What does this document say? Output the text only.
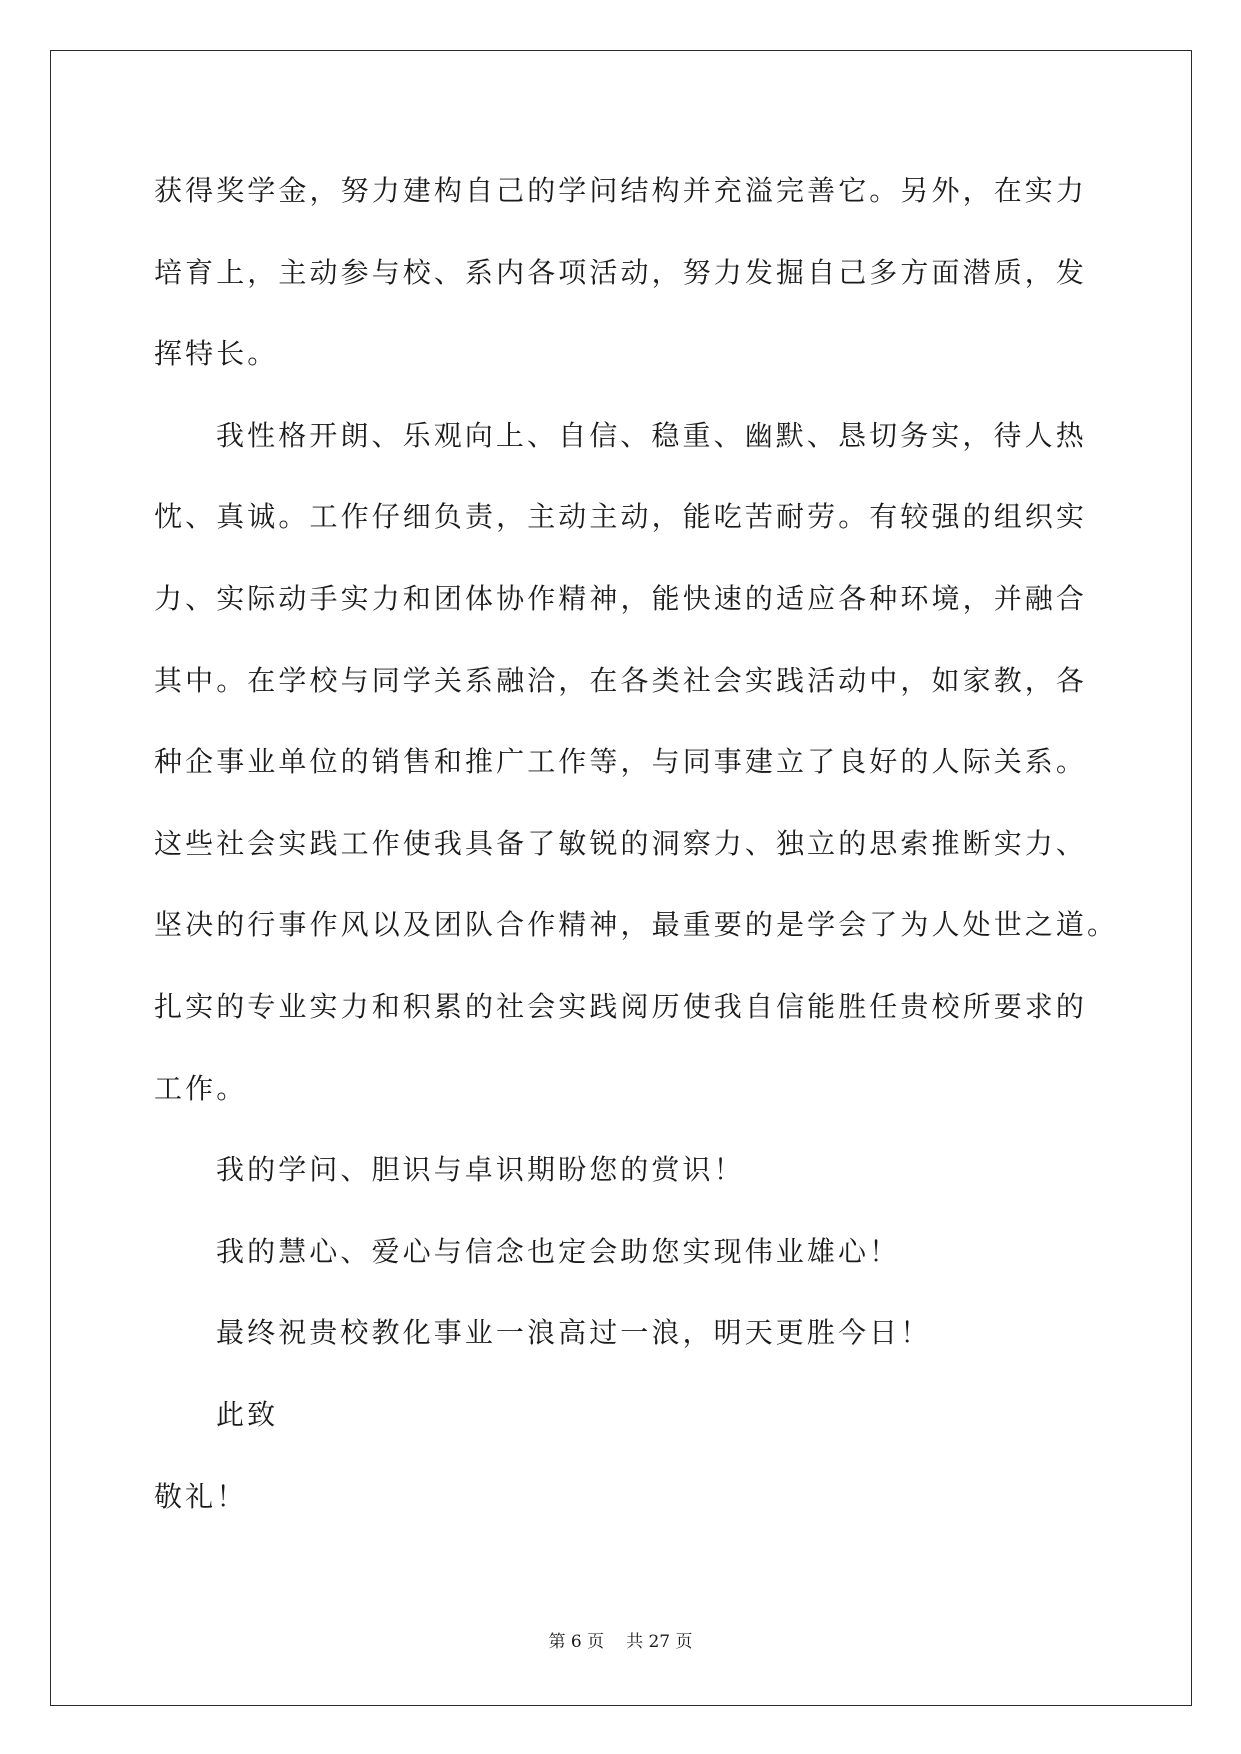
获得奖学金，努力建构自己的学问结构并充溢完善它。另外，在实力
培育上，主动参与校、系内各项活动，努力发掘自己多方面潜质，发
挥特长。
我性格开朗、乐观向上、自信、稳重、幽默、恳切务实，待人热
忱、真诚。工作仔细负责，主动主动，能吃苦耐劳。有较强的组织实
力、实际动手实力和团体协作精神，能快速的适应各种环境，并融合
其中。在学校与同学关系融洽，在各类社会实践活动中，如家教，各
种企事业单位的销售和推广工作等，与同事建立了良好的人际关系。
这些社会实践工作使我具备了敏锐的洞察力、独立的思索推断实力、
坚决的行事作风以及团队合作精神，最重要的是学会了为人处世之道。
扎实的专业实力和积累的社会实践阅历使我自信能胜任贵校所要求的
工作。
我的学问、胆识与卓识期盼您的赏识！
我的慧心、爱心与信念也定会助您实现伟业雄心！
最终祝贵校教化事业一浪高过一浪，明天更胜今日！
此致
敬礼！
第 6 页 共 27 页
